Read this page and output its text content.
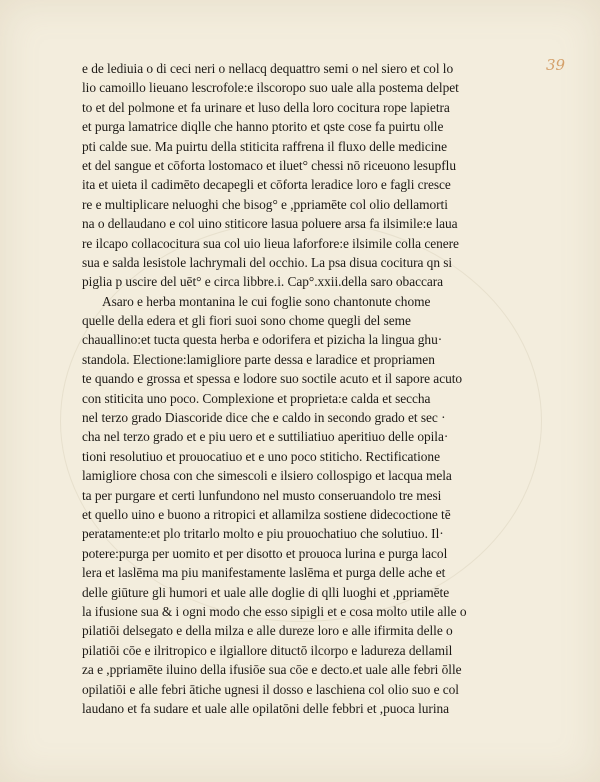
39
e de lediuia o di ceci neri o nellacq dequattro semi o nel siero et col lo
lio camoillo lieuano lescrofole:e ilscoropo suo uale alla postema delpet
to et del polmone et fa urinare et luso della loro cocitura rope lapietra
et purga lamatrice diqlle che hanno ptorito et qste cose fa puirtu olle
pti calde sue. Ma puirtu della stiticita raffrena il fluxo delle medicine
et del sangue et cōforta lostomaco et iluet° chessi nō riceuono lesupflu
ita et uieta il cadimēto decapegli et cōforta leradice loro e fagli cresce
re e multiplicare neluoghi che bisog° e ,ppriamēte col olio dellamorti
na o dellaudano e col uino stiticore lasua poluere arsa fa ilsimile:e laua
re ilcapo collacocitura sua col uio lieua laforfore:e ilsimile colla cenere
sua e salda lesistole lachrymali del occhio. La psa disua cocitura qn si
piglia p uscire del uēt° e circa libbre.i. Cap°.xxii.della saro obaccara
Asaro e herba montanina le cui foglie sono chantonute chome
quelle della edera et gli fiori suoi sono chome quegli del seme
chauallino:et tucta questa herba e odorifera et pizicha la lingua ghu·
standola. Electione:lamigliore parte dessa e laradice et propriamen
te quando e grossa et spessa e lodore suo soctile acuto et il sapore acuto
con stiticita uno poco. Complexione et proprieta:e calda et seccha
nel terzo grado Diascoride dice che e caldo in secondo grado et sec ·
cha nel terzo grado et e piu uero et e suttiliatiuo aperitiuo delle opila·
tioni resolutiuo et prouocatiuo et e uno poco stiticho. Rectificatione
lamigliore chosa con che simescoli e ilsiero collospigo et lacqua mela
ta per purgare et certi lunfundono nel musto conseruandolo tre mesi
et quello uino e buono a ritropici et allamilza sostiene didecoctione tē
peratamente:et plo tritarlo molto e piu prouochatiuo che solutiuo. Il·
potere:purga per uomito et per disotto et prouoca lurina e purga lacol
lera et laslēma ma piu manifestamente laslēma et purga delle ache et
delle giūture gli humori et uale alle doglie di qlli luoghi et ,ppriamēte
la ifusione sua & i ogni modo che esso sipigli et e cosa molto utile alle o
pilatiōi delsegato e della milza e alle dureze loro e alle ifirmita delle o
pilatiōi cōe e ilritropico e ilgiallore dituctō ilcorpo e ladureza dellamil
za e ,ppriamēte iluino della ifusiōe sua cōe e decto.et uale alle febri ōlle
opilatiōi e alle febri ātiche ugnesi il dosso e laschiena col olio suo e col
laudano et fa sudare et uale alle opilatōni delle febbri et ,puoca lurina
